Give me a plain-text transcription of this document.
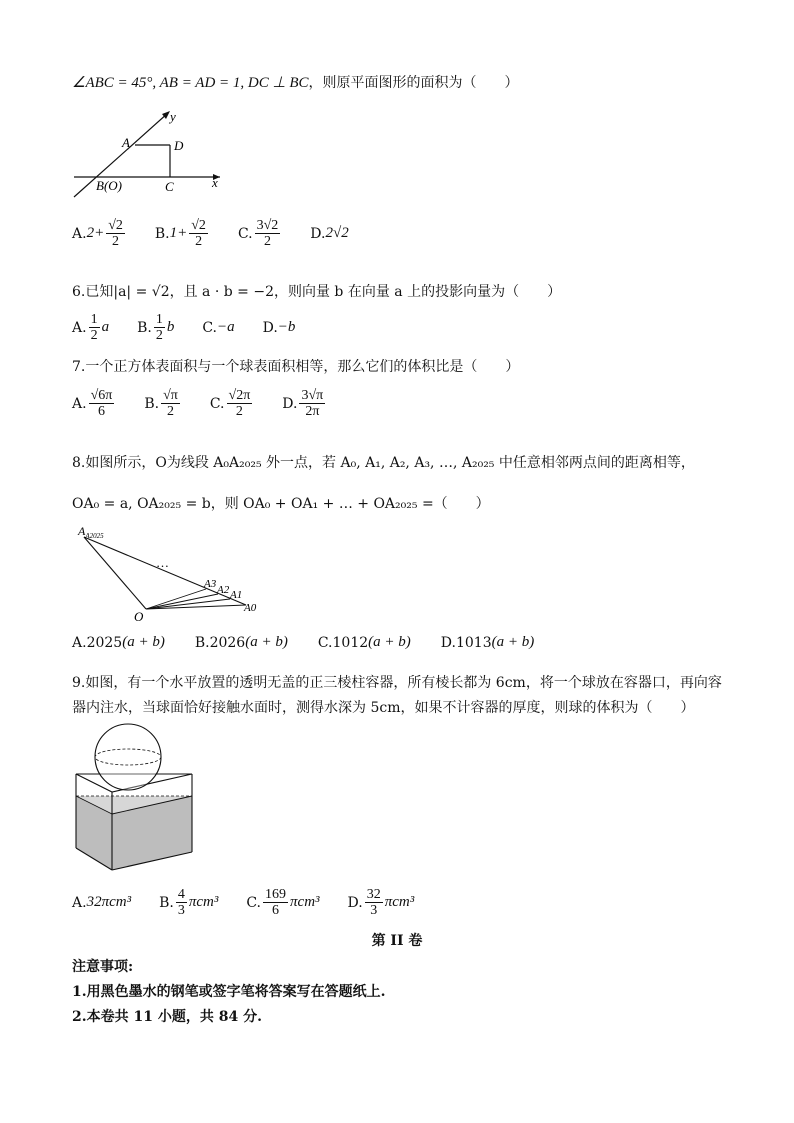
∠ABC = 45°, AB = AD = 1, DC ⊥ BC，则原平面图形的面积为（　　）
y
A	D
B(O)	C	x
A. $2+ \frac{√2}{2} B$. $1+ \frac{√2}{2} C$. $\frac{3√2}{2} D$. 2√2
6.已知|a| = √2，且 a · b = −2，则向量 b 在向量 a 上的投影向量为（　　）
A. $\frac{1}{2}$ a B. $\frac{1}{2}$ b C. −a D. −b
7.一个正方体表面积与一个球表面积相等，那么它们的体积比是（　　）
A. $\frac{√6\pi}{6} B$. $\frac{√\pi}{2} C$. $\frac{√2\pi}{2} D$. $\frac{3√\pi}{2\pi}$
8.如图所示，O为线段 A₀A₂₀₂₅ 外一点，若 A₀, A₁, A₂, A₃, …, A₂₀₂₅ 中任意相邻两点间的距离相等，
OA₀ = a, OA₂₀₂₅ = b，则 OA₀ + OA₁ + … + OA₂₀₂₅ =（　　）
$A_{A2025}$
…
A3 A2 A1
A0
O
A. 2025 (a + b) B. 2026 (a + b) C. 1012 (a + b) D. 1013 (a + b)
9.如图，有一个水平放置的透明无盖的正三棱柱容器，所有棱长都为 6cm，将一个球放在容器口，再向容
器内注水，当球面恰好接触水面时，测得水深为 5cm，如果不计容器的厚度，则球的体积为（　　）
A. 32πcm³ B. $\frac{4}{3} \pi cm^3$ C. $\frac{169}{6} \pi cm^3$ D. $\frac{32}{3} \pi cm^3$
第 II 卷
注意事项:
1.用黑色墨水的钢笔或签字笔将答案写在答题纸上.
2.本卷共 11 小题，共 84 分.
